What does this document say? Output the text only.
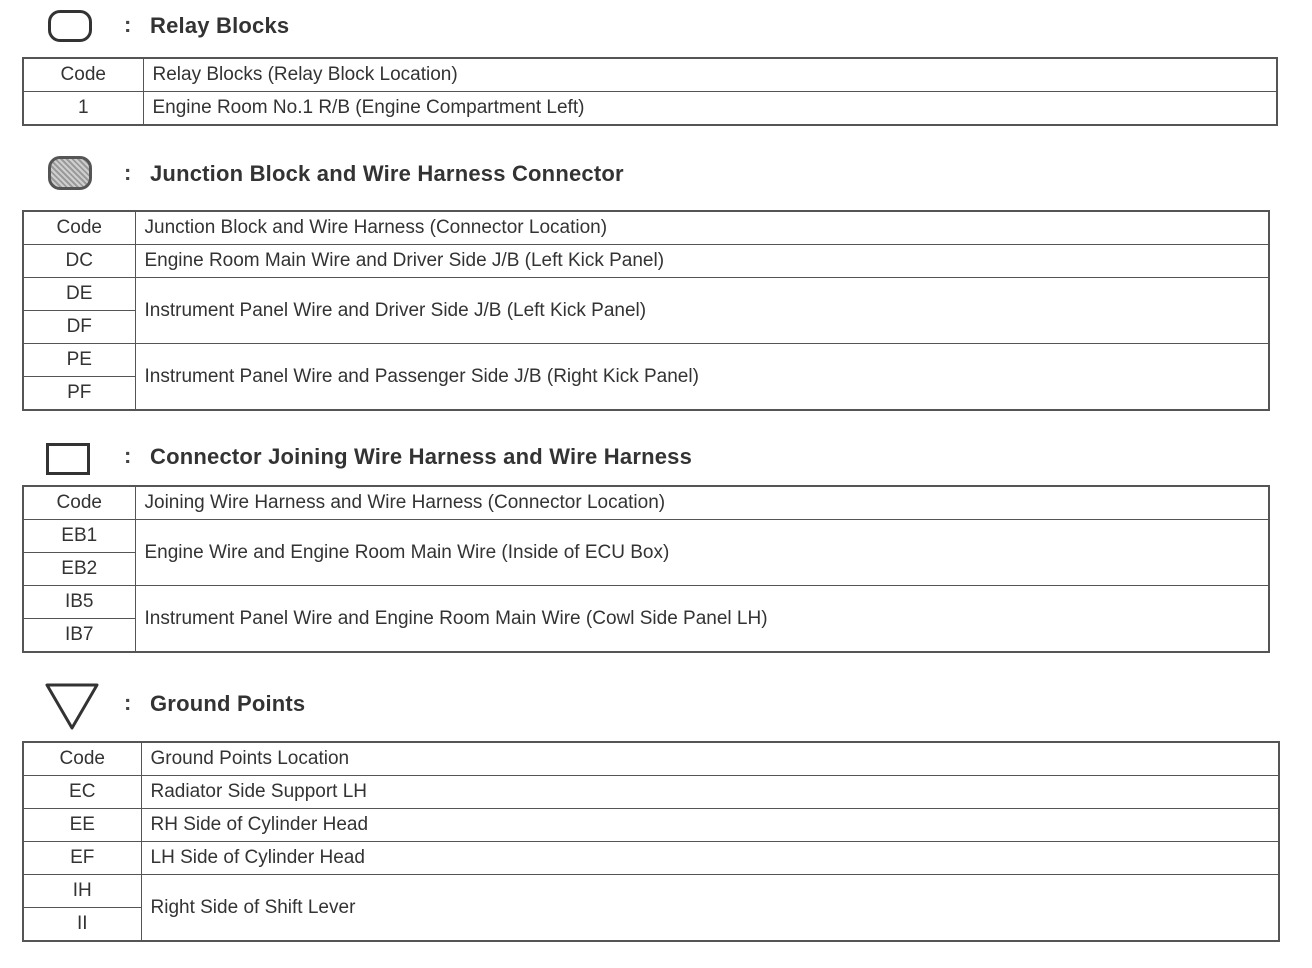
: Relay Blocks
Code	Relay Blocks (Relay Block Location)
1	Engine Room No.1 R/B (Engine Compartment Left)
: Junction Block and Wire Harness Connector
Code	Junction Block and Wire Harness (Connector Location)
DC	Engine Room Main Wire and Driver Side J/B (Left Kick Panel)
DE	Instrument Panel Wire and Driver Side J/B (Left Kick Panel)
DF	
PE	Instrument Panel Wire and Passenger Side J/B (Right Kick Panel)
PF	
: Connector Joining Wire Harness and Wire Harness
Code	Joining Wire Harness and Wire Harness (Connector Location)
EB1	Engine Wire and Engine Room Main Wire (Inside of ECU Box)
EB2	
IB5	Instrument Panel Wire and Engine Room Main Wire (Cowl Side Panel LH)
IB7	
: Ground Points
Code	Ground Points Location
EC	Radiator Side Support LH
EE	RH Side of Cylinder Head
EF	LH Side of Cylinder Head
IH	Right Side of Shift Lever
II	
